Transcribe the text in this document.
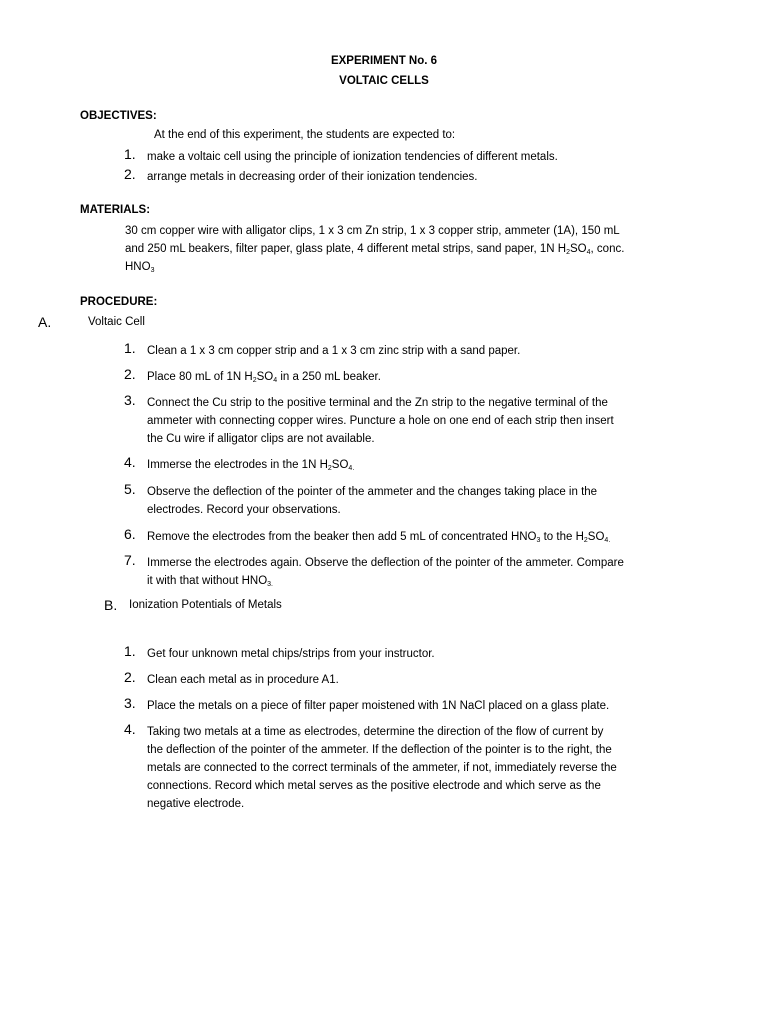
EXPERIMENT No. 6
VOLTAIC CELLS
OBJECTIVES:
At the end of this experiment, the students are expected to:
1. make a voltaic cell using the principle of ionization tendencies of different metals.
2. arrange metals in decreasing order of their ionization tendencies.
MATERIALS:
30 cm copper wire with alligator clips, 1 x 3 cm Zn strip, 1 x 3 copper strip, ammeter (1A), 150 mL
and 250 mL beakers, filter paper, glass plate, 4 different metal strips, sand paper, 1N $H_2SO_4$, conc.
$HNO_3$
PROCEDURE:
A.	Voltaic Cell
1. Clean a 1 x 3 cm copper strip and a 1 x 3 cm zinc strip with a sand paper.
2. Place 80 mL of 1N $H_2SO_4$ in a 250 mL beaker.
3. Connect the Cu strip to the positive terminal and the Zn strip to the negative terminal of the
ammeter with connecting copper wires. Puncture a hole on one end of each strip then insert
the Cu wire if alligator clips are not available.
4. Immerse the electrodes in the 1N $H_2SO_{4.}$
5. Observe the deflection of the pointer of the ammeter and the changes taking place in the
electrodes. Record your observations.
6. Remove the electrodes from the beaker then add 5 mL of concentrated $HNO_3$ to the $H_2SO_{4.}$
7. Immerse the electrodes again. Observe the deflection of the pointer of the ammeter. Compare
it with that without $HNO_{3.}$
B. Ionization Potentials of Metals
1. Get four unknown metal chips/strips from your instructor.
2. Clean each metal as in procedure A1.
3. Place the metals on a piece of filter paper moistened with 1N NaCl placed on a glass plate.
4. Taking two metals at a time as electrodes, determine the direction of the flow of current by
the deflection of the pointer of the ammeter. If the deflection of the pointer is to the right, the
metals are connected to the correct terminals of the ammeter, if not, immediately reverse the
connections. Record which metal serves as the positive electrode and which serve as the
negative electrode.
